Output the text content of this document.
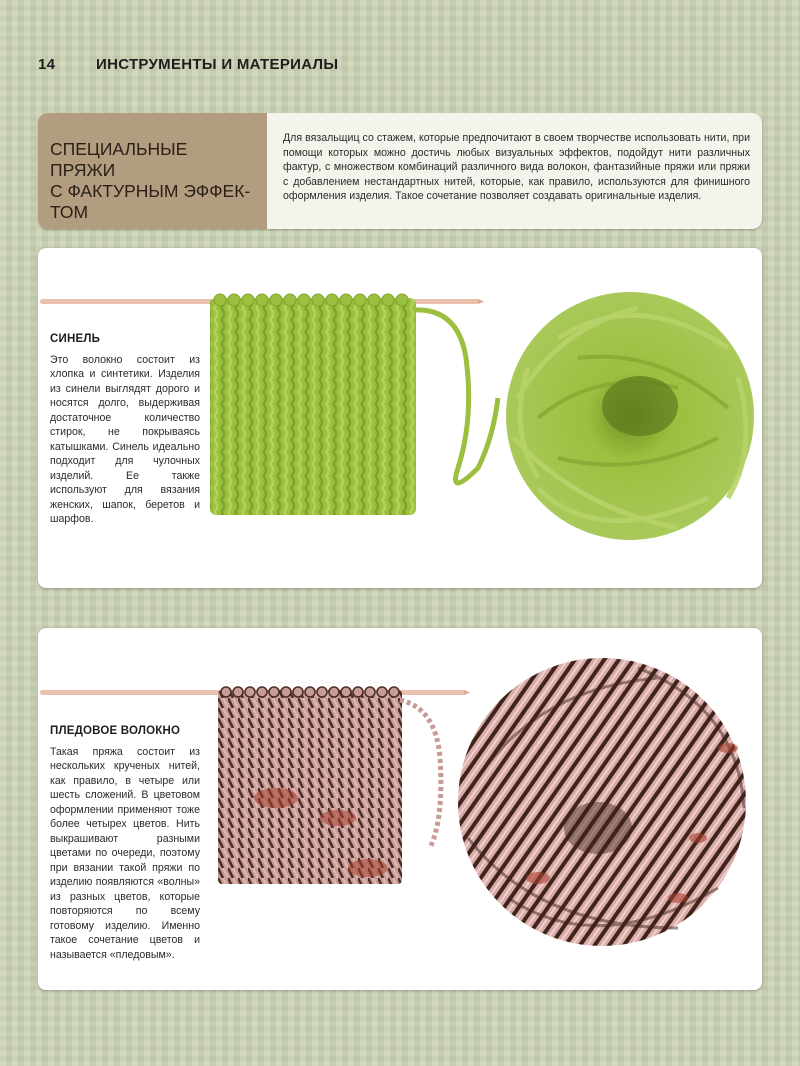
14	ИНСТРУМЕНТЫ И МАТЕРИАЛЫ
СПЕЦИАЛЬНЫЕ ПРЯЖИ
С ФАКТУРНЫМ ЭФФЕК-
ТОМ
Для вязальщиц со стажем, которые предпочитают в своем творчестве использовать нити, при помощи которых можно достичь любых визуальных эффектов, подойдут нити различных фактур, с множеством комбинаций различного вида волокон, фантазийные пряжи или пряжи с добавлением нестандартных нитей, которые, как правило, используются для финишного оформления изделия. Такое сочетание позволяет создавать оригинальные изделия.
СИНЕЛЬ

Это волокно состоит из хлопка и синтетики. Изделия из синели выглядят дорого и носятся долго, выдерживая достаточное количество стирок, не покрываясь катышками. Синель идеально подходит для чулочных изделий. Ее также используют для вязания женских, шапок, беретов и шарфов.

ПЛЕДОВОЕ ВОЛОКНО

Такая пряжа состоит из нескольких крученых нитей, как правило, в четыре или шесть сложений. В цветовом оформлении применяют тоже более четырех цветов. Нить выкрашивают разными цветами по очереди, поэтому при вязании такой пряжи по изделию появляются «волны» из разных цветов, которые повторяются по всему готовому изделию. Именно такое сочетание цветов и называется «пледовым».
